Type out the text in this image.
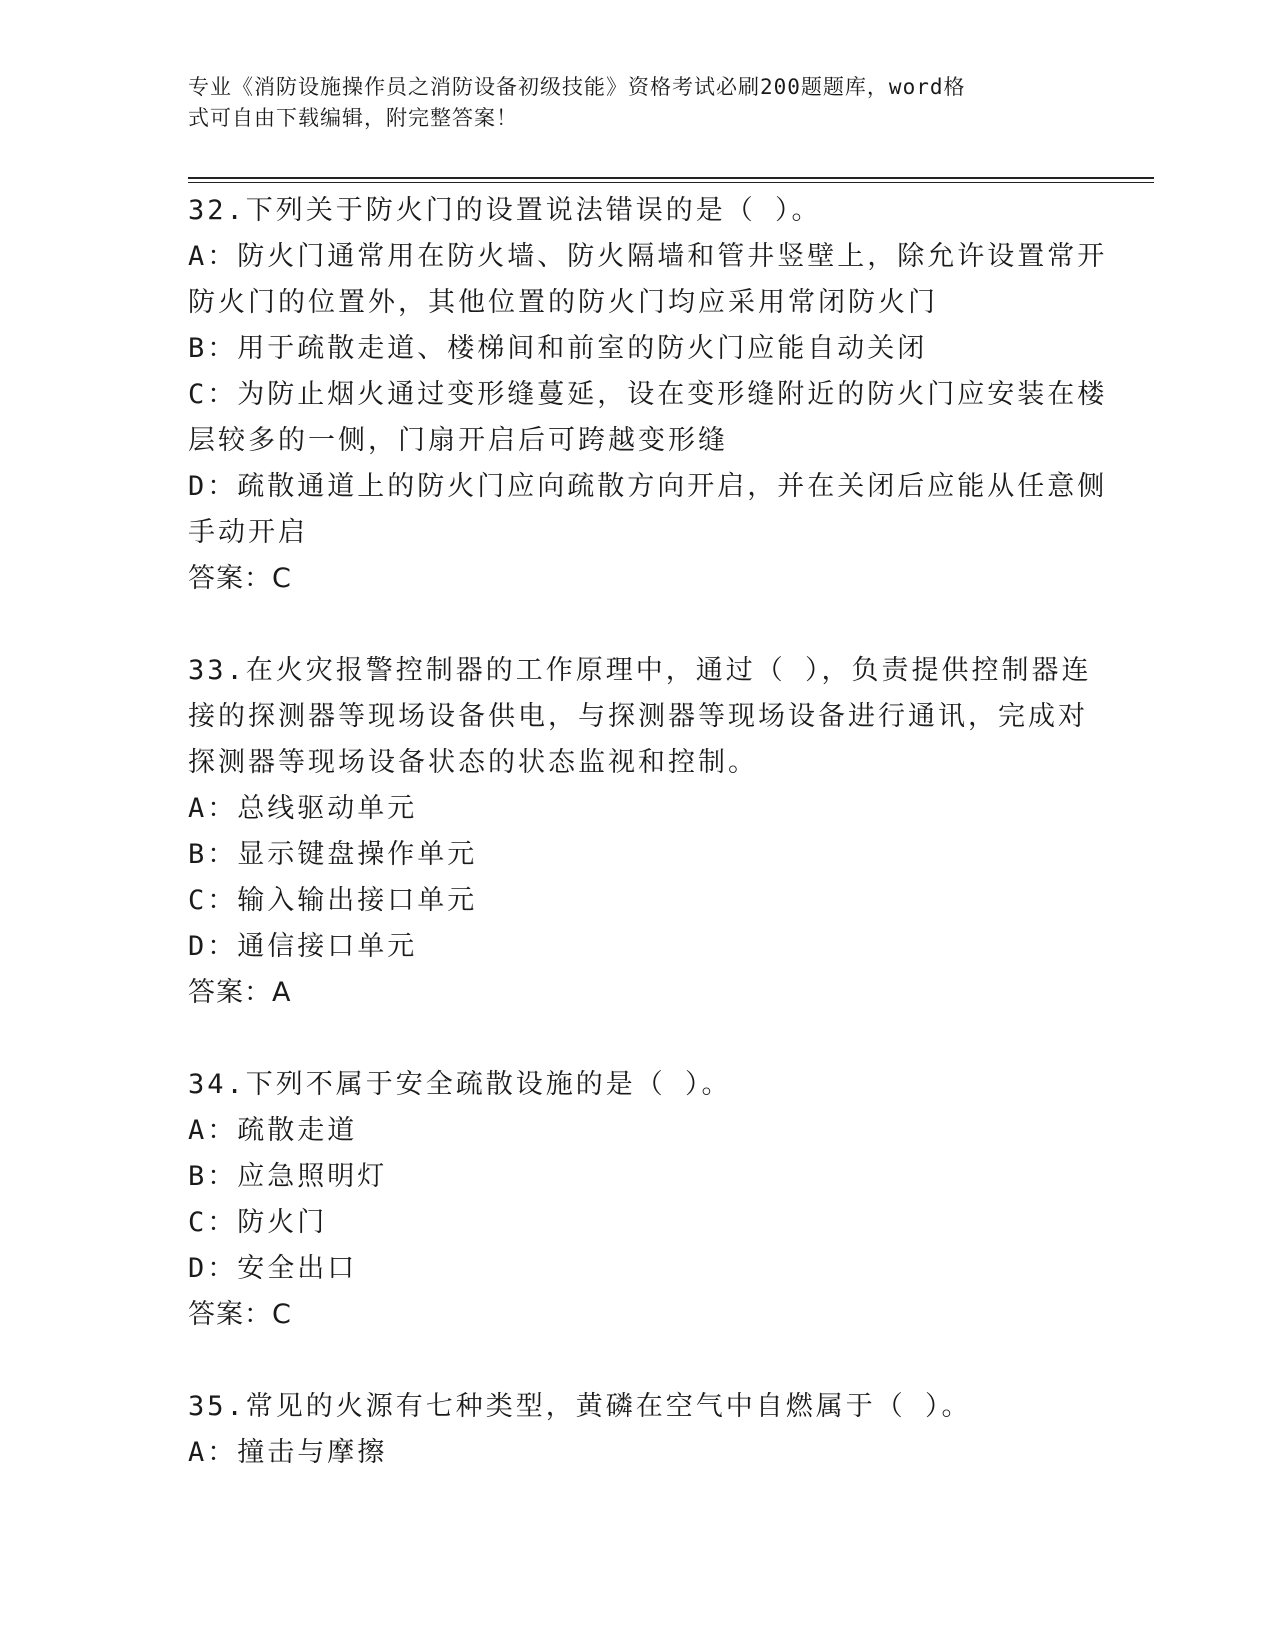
专业《消防设施操作员之消防设备初级技能》资格考试必刷200题题库，word格
式可自由下载编辑，附完整答案！
32.下列关于防火门的设置说法错误的是（ ）。
A：防火门通常用在防火墙、防火隔墙和管井竖壁上，除允许设置常开
防火门的位置外，其他位置的防火门均应采用常闭防火门
B：用于疏散走道、楼梯间和前室的防火门应能自动关闭
C：为防止烟火通过变形缝蔓延，设在变形缝附近的防火门应安装在楼
层较多的一侧，门扇开启后可跨越变形缝
D：疏散通道上的防火门应向疏散方向开启，并在关闭后应能从任意侧
手动开启
答案：C
33.在火灾报警控制器的工作原理中，通过（ ），负责提供控制器连
接的探测器等现场设备供电，与探测器等现场设备进行通讯，完成对
探测器等现场设备状态的状态监视和控制。
A：总线驱动单元
B：显示键盘操作单元
C：输入输出接口单元
D：通信接口单元
答案：A
34.下列不属于安全疏散设施的是（ ）。
A：疏散走道
B：应急照明灯
C：防火门
D：安全出口
答案：C
35.常见的火源有七种类型，黄磷在空气中自燃属于（ ）。
A：撞击与摩擦
